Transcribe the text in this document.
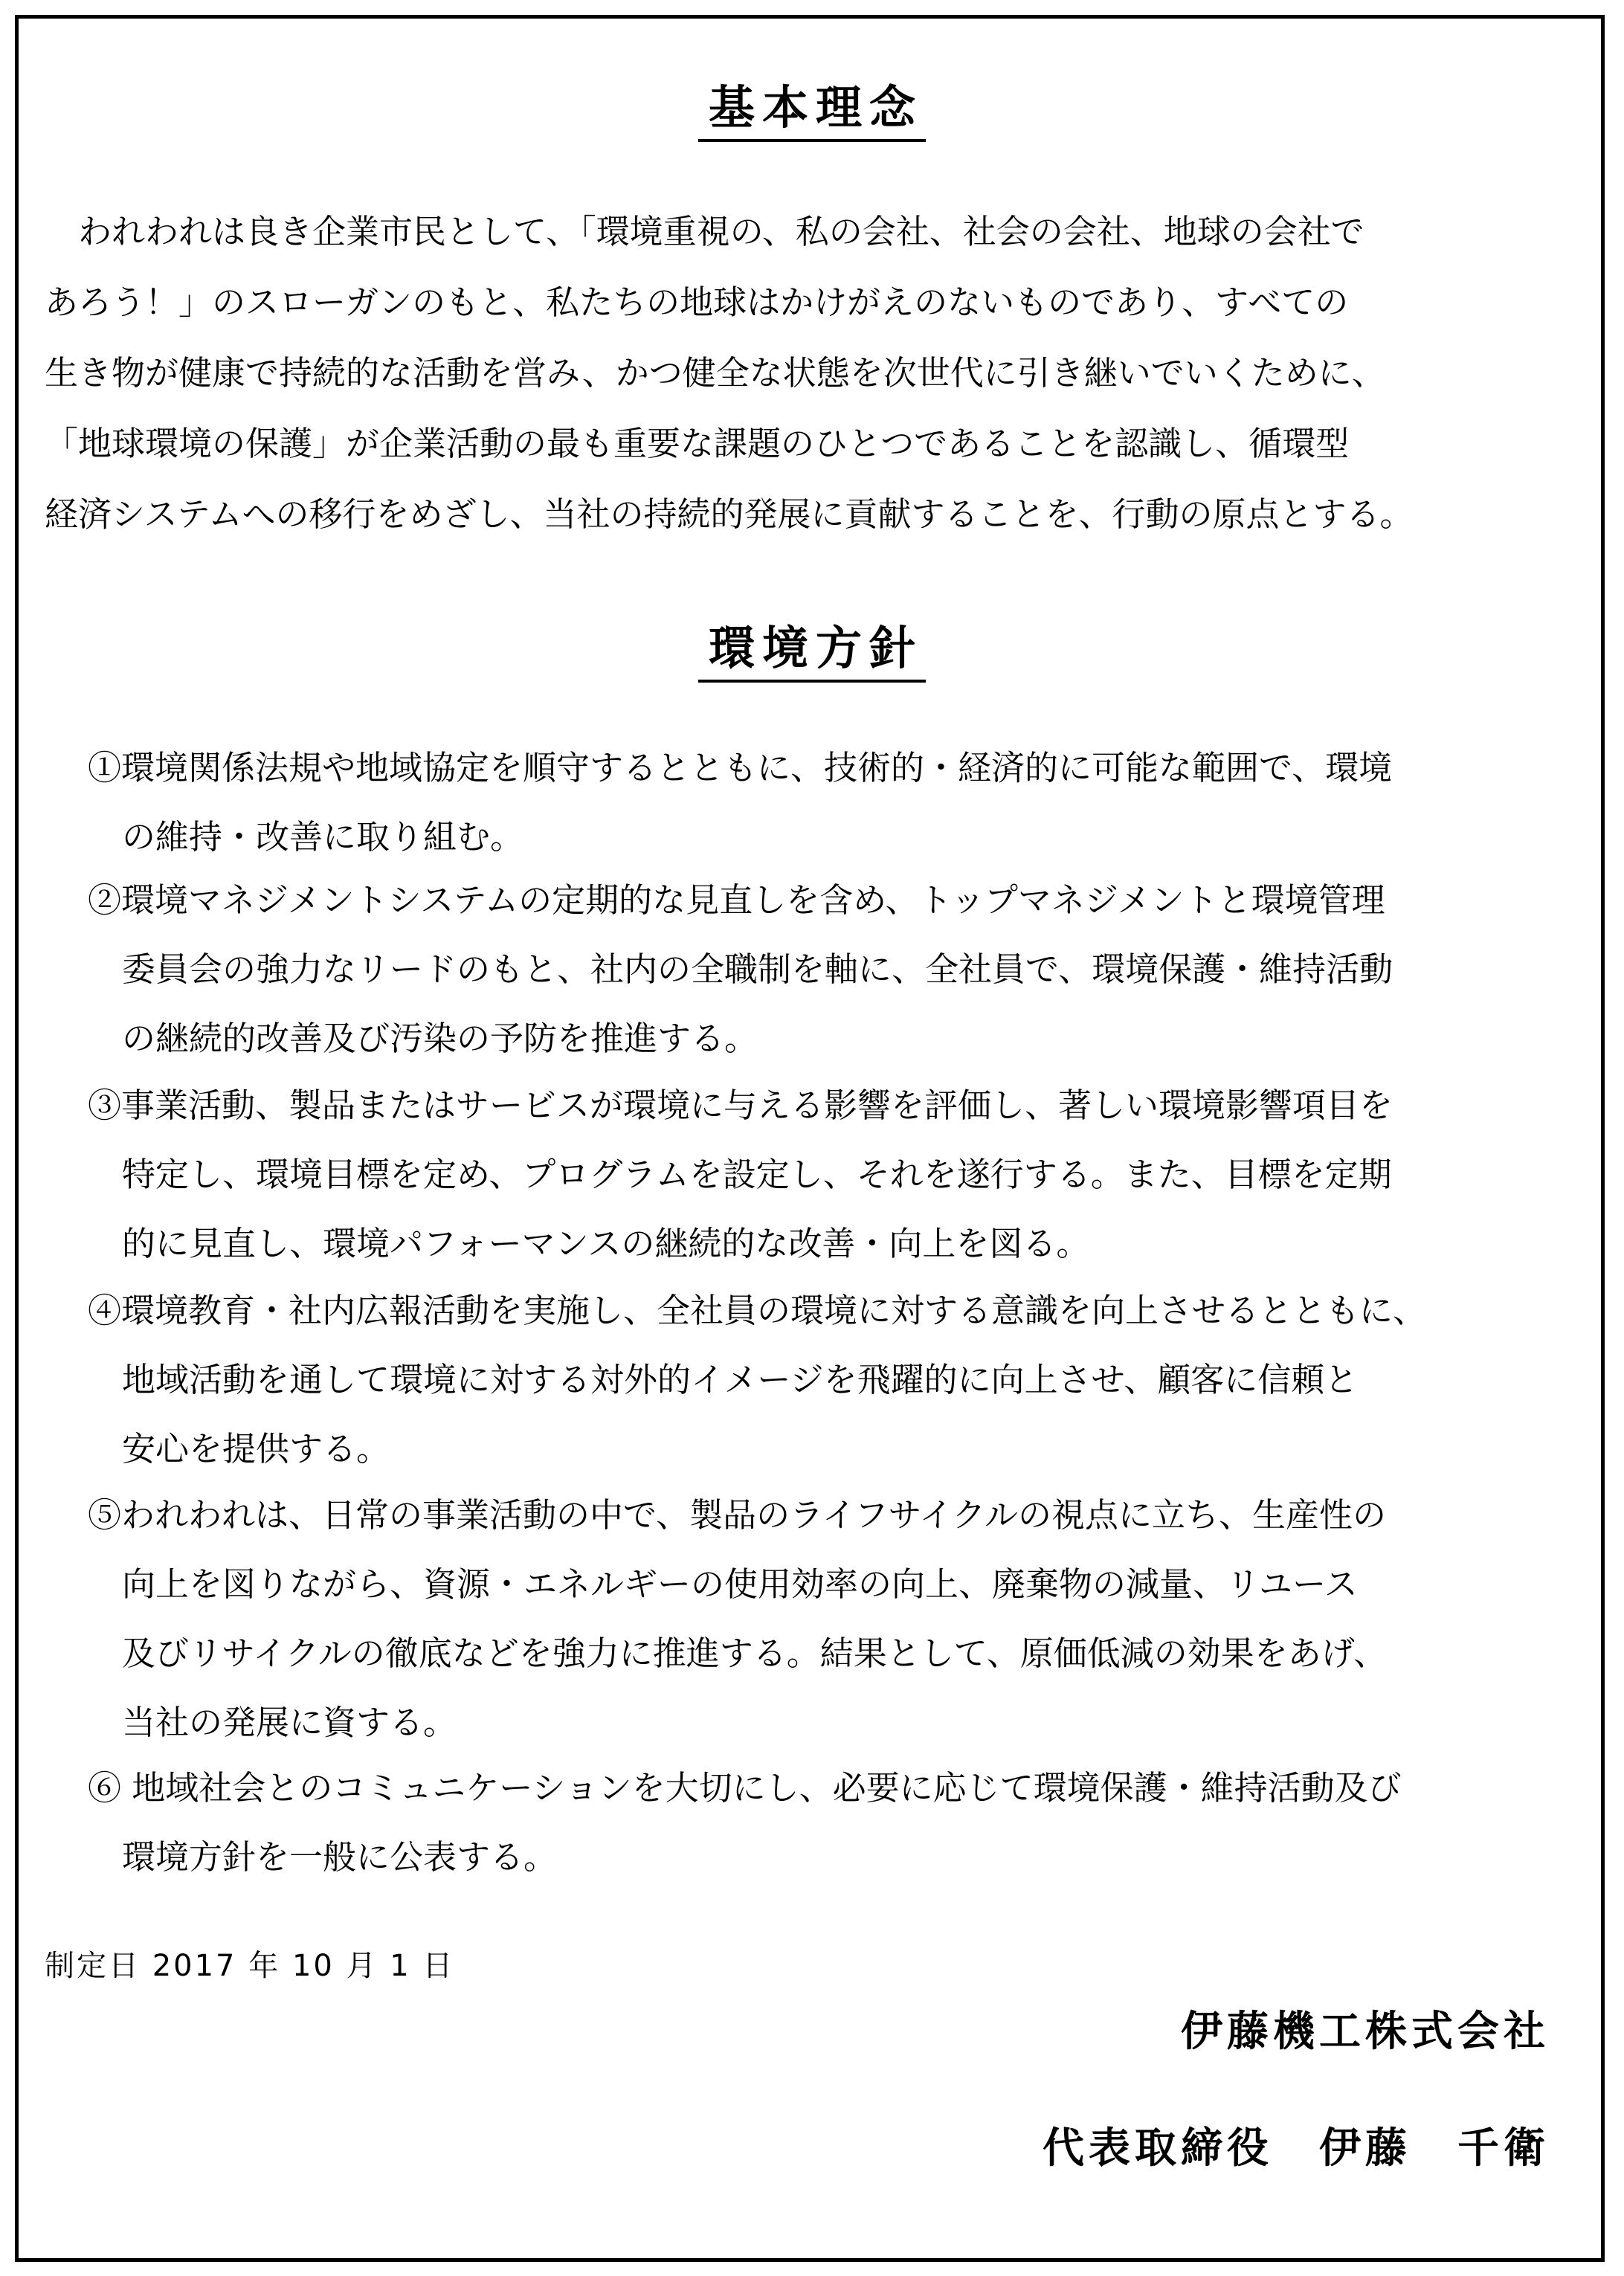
基本理念
　われわれは良き企業市民として、「環境重視の、私の会社、社会の会社、地球の会社で
あろう！」のスローガンのもと、私たちの地球はかけがえのないものであり、すべての
生き物が健康で持続的な活動を営み、かつ健全な状態を次世代に引き継いでいくために、
「地球環境の保護」が企業活動の最も重要な課題のひとつであることを認識し、循環型
経済システムへの移行をめざし、当社の持続的発展に貢献することを、行動の原点とする。
環境方針
①環境関係法規や地域協定を順守するとともに、技術的・経済的に可能な範囲で、環境
の維持・改善に取り組む。
②環境マネジメントシステムの定期的な見直しを含め、トップマネジメントと環境管理
委員会の強力なリードのもと、社内の全職制を軸に、全社員で、環境保護・維持活動
の継続的改善及び汚染の予防を推進する。
③事業活動、製品またはサービスが環境に与える影響を評価し、著しい環境影響項目を
特定し、環境目標を定め、プログラムを設定し、それを遂行する。また、目標を定期
的に見直し、環境パフォーマンスの継続的な改善・向上を図る。
④環境教育・社内広報活動を実施し、全社員の環境に対する意識を向上させるとともに、
地域活動を通して環境に対する対外的イメージを飛躍的に向上させ、顧客に信頼と
安心を提供する。
⑤われわれは、日常の事業活動の中で、製品のライフサイクルの視点に立ち、生産性の
向上を図りながら、資源・エネルギーの使用効率の向上、廃棄物の減量、リユース
及びリサイクルの徹底などを強力に推進する。結果として、原価低減の効果をあげ、
当社の発展に資する。
⑥ 地域社会とのコミュニケーションを大切にし、必要に応じて環境保護・維持活動及び
環境方針を一般に公表する。
制定日 2017 年 10 月 1 日
伊藤機工株式会社
代表取締役　伊藤　千衛
